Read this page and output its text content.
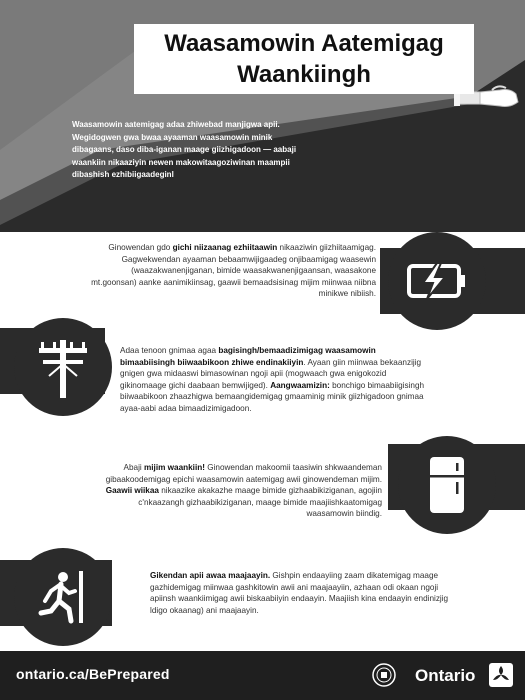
Waasamowin Aatemigag
Waankiingh
Waasamowin aatemigag adaa zhiwebad manjigwa apii. Wegidogwen gwa bwaa ayaaman waasamowin minik dibagaans, daso diba-iganan maage giizhigadoon — aabaji waankiin nikaaziyin newen makowitaagoziwinan maampii dibashish ezhibiigaadeginl

Ginowendan gdo gichi niizaanag ezhiitaawin nikaaziwin giizhiitaamigag. Gagwekwendan ayaaman bebaamwijigaadeg onjibaamigag waasewin (waazakwanenjiganan, bimide waasakwanenjigaansan, waasakone mt.goonsan) aanke aanimikiinsag, gaawii bemaadsisinag mijim miinwaa niibna minikwe nibiish.

Adaa tenoon gnimaa agaa bagisingh/bemaadizimigag waasamowin bimaabiisingh biiwaabikoon zhiwe endinakiiyin. Ayaan giin miinwaa bekaanzijig gnigen gwa midaaswi bimasowinan ngoji apii (mogwaach gwa enigokozid gikinomaage gichi daabaan bemwijiged). Aangwaamizin: bonchigo bimaabiigisingh biiwaabikoon zhaazhigwa bemaangidemigag gmaaminig minik giizhigadoon gnimaa ayaa-aabi adaa bimaadizimigadoon.

Abaji mijim waankiin! Ginowendan makoomii taasiwin shkwaandeman gibaakoodemigag epichi waasamowin aatemigag awii ginowendeman mijim. Gaawii wiikaa nikaazike akakazhe maage bimide gizhaabikiziganan, agojiin c'nkaazangh gizhaabikiziganan, maage bimide maajiishkaatomigag waasamowin biindig.

Gikendan apii awaa maajaayin. Gishpin endaayiing zaam dikatemigag maage gazhidemigag miinwaa gashkitowin awii ani maajaayiin, azhaan odi okaan ngoji apiinsh waankiimigag awii biskaabiiyin endaayin. Maajiish kina endaayin endinizjig ldigo okaanag) ani maajaayin.

ontario.ca/BePrepared	Ontario
